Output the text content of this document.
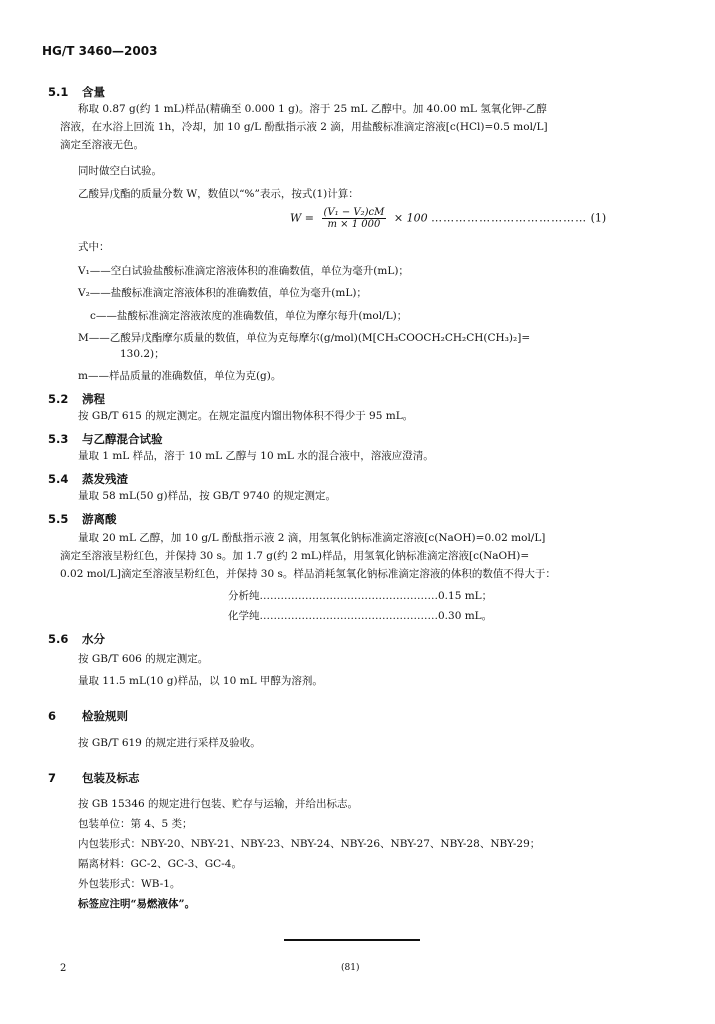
HG/T 3460—2003
5.1 含量
称取 0.87 g(约 1 mL)样品(精确至 0.000 1 g)。溶于 25 mL 乙醇中。加 40.00 mL 氢氧化钾-乙醇
溶液，在水浴上回流 1h，冷却，加 10 g/L 酚酞指示液 2 滴，用盐酸标准滴定溶液[c(HCl)=0.5 mol/L]
滴定至溶液无色。
同时做空白试验。
乙酸异戊酯的质量分数 W，数值以“%”表示，按式(1)计算：
$W = \frac{\text{(V₁ − V₂)cM}}{m \times 1 000} \times 100$ ………………………………… (1)
式中：
V₁——空白试验盐酸标准滴定溶液体积的准确数值，单位为毫升(mL)；
V₂——盐酸标准滴定溶液体积的准确数值，单位为毫升(mL)；
c——盐酸标准滴定溶液浓度的准确数值，单位为摩尔每升(mol/L)；
M——乙酸异戊酯摩尔质量的数值，单位为克每摩尔(g/mol)(M[CH₃COOCH₂CH₂CH(CH₃)₂]=
130.2)；
m——样品质量的准确数值，单位为克(g)。
5.2 沸程
按 GB/T 615 的规定测定。在规定温度内馏出物体积不得少于 95 mL。
5.3 与乙醇混合试验
量取 1 mL 样品，溶于 10 mL 乙醇与 10 mL 水的混合液中，溶液应澄清。
5.4 蒸发残渣
量取 58 mL(50 g)样品，按 GB/T 9740 的规定测定。
5.5 游离酸
量取 20 mL 乙醇，加 10 g/L 酚酞指示液 2 滴，用氢氧化钠标准滴定溶液[c(NaOH)=0.02 mol/L]
滴定至溶液呈粉红色，并保持 30 s。加 1.7 g(约 2 mL)样品，用氢氧化钠标准滴定溶液[c(NaOH)=
0.02 mol/L]滴定至溶液呈粉红色，并保持 30 s。样品消耗氢氧化钠标准滴定溶液的体积的数值不得大于：
分析纯……………………………………………0.15 mL；
化学纯……………………………………………0.30 mL。
5.6 水分
按 GB/T 606 的规定测定。
量取 11.5 mL(10 g)样品，以 10 mL 甲醇为溶剂。
6 检验规则
按 GB/T 619 的规定进行采样及验收。
7 包装及标志
按 GB 15346 的规定进行包装、贮存与运输，并给出标志。
包装单位：第 4、5 类；
内包装形式：NBY-20、NBY-21、NBY-23、NBY-24、NBY-26、NBY-27、NBY-28、NBY-29；
隔离材料：GC-2、GC-3、GC-4。
外包装形式：WB-1。
标签应注明“易燃液体”。
2	(81)
